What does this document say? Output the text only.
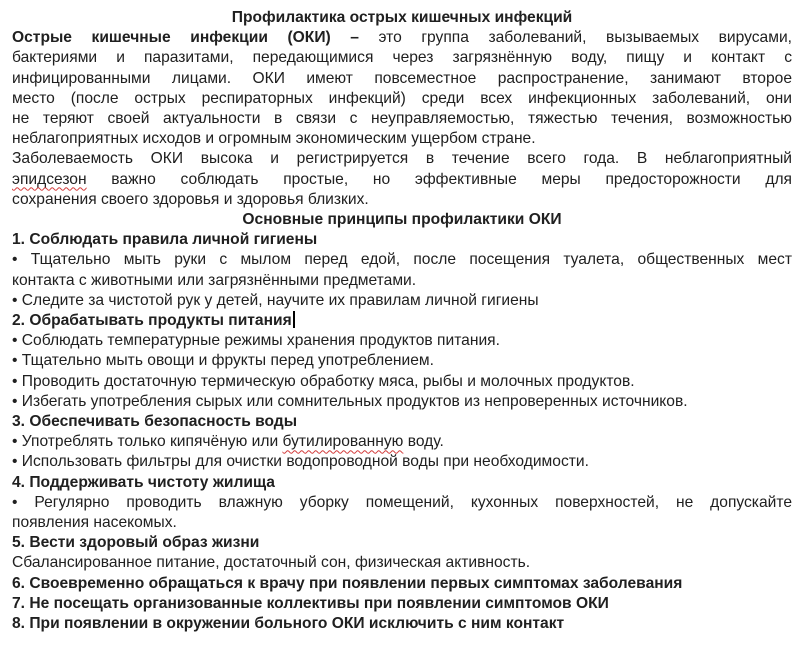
Профилактика острых кишечных инфекций
Острые кишечные инфекции (ОКИ) – это группа заболеваний, вызываемых вирусами,
бактериями и паразитами, передающимися через загрязнённую воду, пищу и контакт с
инфицированными лицами. ОКИ имеют повсеместное распространение, занимают второе
место (после острых респираторных инфекций) среди всех инфекционных заболеваний, они
не теряют своей актуальности в связи с неуправляемостью, тяжестью течения, возможностью
неблагоприятных исходов и огромным экономическим ущербом стране.
Заболеваемость ОКИ высока и регистрируется в течение всего года. В неблагоприятный
эпидсезон важно соблюдать простые, но эффективные меры предосторожности для
сохранения своего здоровья и здоровья близких.
Основные принципы профилактики ОКИ
1. Соблюдать правила личной гигиены
• Тщательно мыть руки с мылом перед едой, после посещения туалета, общественных мест
контакта с животными или загрязнёнными предметами.
• Следите за чистотой рук у детей, научите их правилам личной гигиены
2. Обрабатывать продукты питания
• Соблюдать температурные режимы хранения продуктов питания.
• Тщательно мыть овощи и фрукты перед употреблением.
• Проводить достаточную термическую обработку мяса, рыбы и молочных продуктов.
• Избегать употребления сырых или сомнительных продуктов из непроверенных источников.
3. Обеспечивать безопасность воды
• Употреблять только кипячёную или бутилированную воду.
• Использовать фильтры для очистки водопроводной воды при необходимости.
4. Поддерживать чистоту жилища
• Регулярно проводить влажную уборку помещений, кухонных поверхностей, не допускайте
появления насекомых.
5. Вести здоровый образ жизни
Сбалансированное питание, достаточный сон, физическая активность.
6. Своевременно обращаться к врачу при появлении первых симптомах заболевания
7. Не посещать организованные коллективы при появлении симптомов ОКИ
8. При появлении в окружении больного ОКИ исключить с ним контакт
